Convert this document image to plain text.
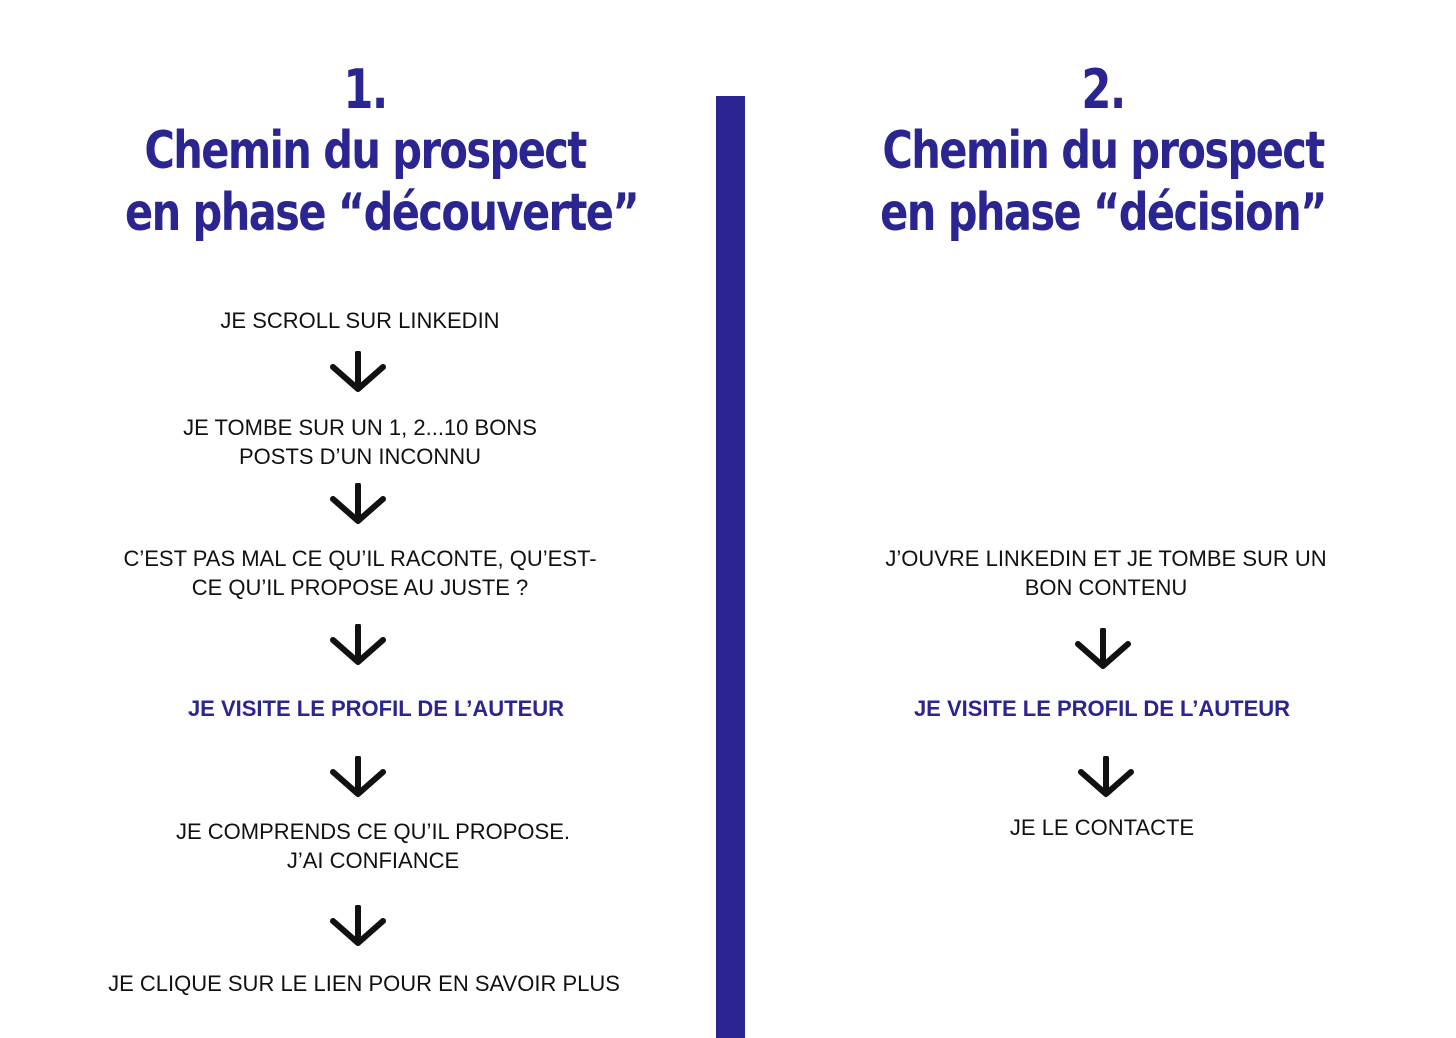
1.
Chemin du prospect
en phase “découverte”
2.
Chemin du prospect
en phase “décision”
JE SCROLL SUR LINKEDIN
JE TOMBE SUR UN 1, 2...10 BONS
POSTS D’UN INCONNU
C’EST PAS MAL CE QU’IL RACONTE, QU’EST-
CE QU’IL PROPOSE AU JUSTE ?
JE VISITE LE PROFIL DE L’AUTEUR
JE COMPRENDS CE QU’IL PROPOSE.
J’AI CONFIANCE
JE CLIQUE SUR LE LIEN POUR EN SAVOIR PLUS
J’OUVRE LINKEDIN ET JE TOMBE SUR UN
BON CONTENU
JE VISITE LE PROFIL DE L’AUTEUR
JE LE CONTACTE
